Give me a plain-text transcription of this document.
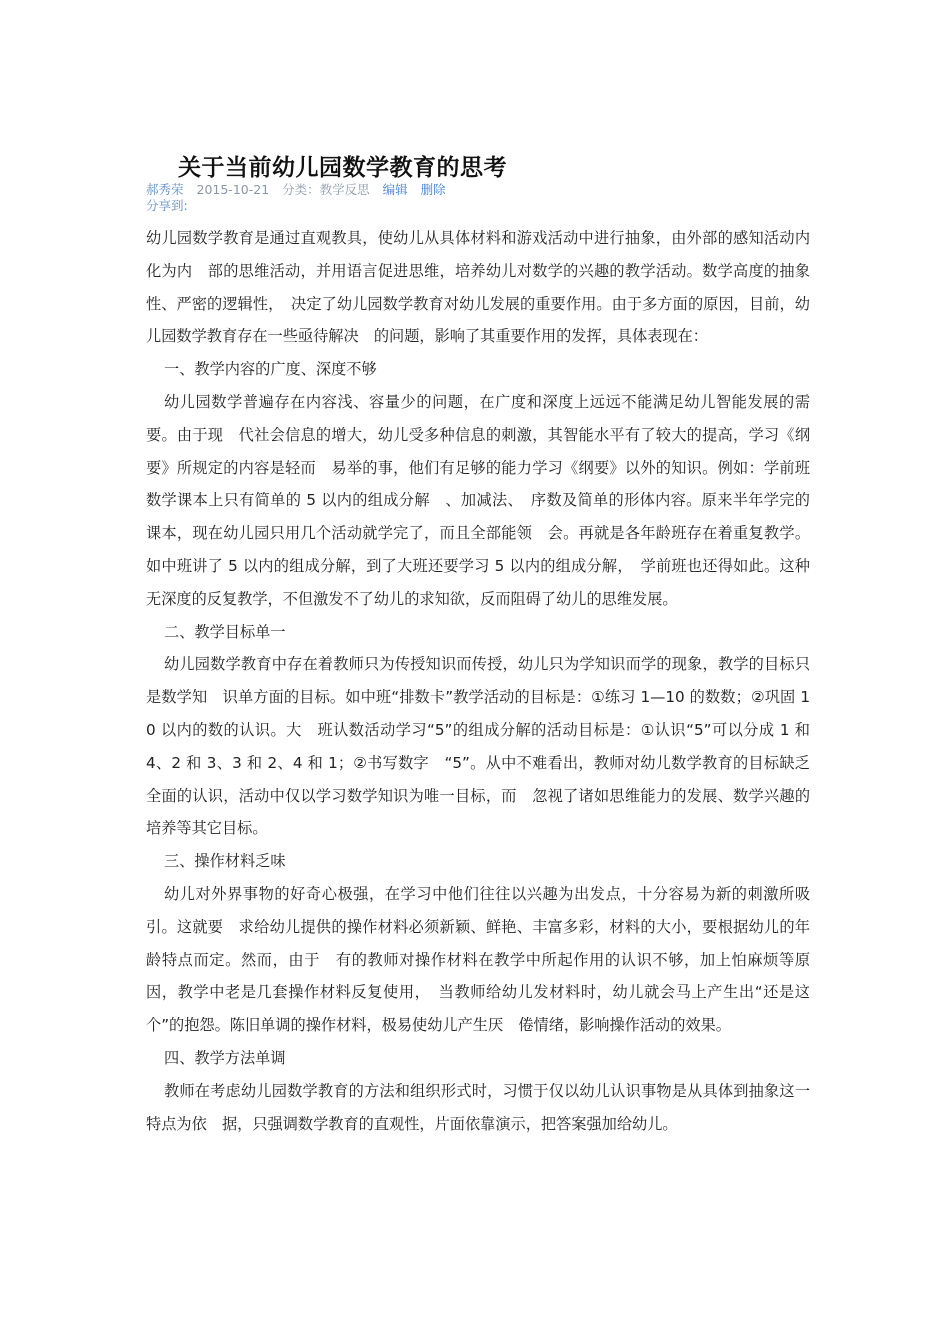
关于当前幼儿园数学教育的思考
郝秀荣 2015-10-21 分类：教学反思 编辑 删除
分享到:

幼儿园数学教育是通过直观教具，使幼儿从具体材料和游戏活动中进行抽象，由外部的感知活动内化为内　部的思维活动，并用语言促进思维，培养幼儿对数学的兴趣的教学活动。数学高度的抽象性、严密的逻辑性，　决定了幼儿园数学教育对幼儿发展的重要作用。由于多方面的原因，目前，幼儿园数学教育存在一些亟待解决　的问题，影响了其重要作用的发挥，具体表现在：

一、教学内容的广度、深度不够

幼儿园数学普遍存在内容浅、容量少的问题，在广度和深度上远远不能满足幼儿智能发展的需要。由于现　代社会信息的增大，幼儿受多种信息的刺激，其智能水平有了较大的提高，学习《纲要》所规定的内容是轻而　易举的事，他们有足够的能力学习《纲要》以外的知识。例如：学前班数学课本上只有简单的 5 以内的组成分解　、加减法、　序数及简单的形体内容。原来半年学完的课本，现在幼儿园只用几个活动就学完了，而且全部能领　会。再就是各年龄班存在着重复教学。如中班讲了 5 以内的组成分解，到了大班还要学习 5 以内的组成分解，　学前班也还得如此。这种无深度的反复教学，不但激发不了幼儿的求知欲，反而阻碍了幼儿的思维发展。

二、教学目标单一

幼儿园数学教育中存在着教师只为传授知识而传授，幼儿只为学知识而学的现象，教学的目标只是数学知　识单方面的目标。如中班“排数卡”教学活动的目标是：①练习 1—10 的数数；②巩固 10 以内的数的认识。大　班认数活动学习“5”的组成分解的活动目标是：①认识“5”可以分成 1 和 4、2 和 3、3 和 2、4 和 1；②书写数字　“5”。从中不难看出，教师对幼儿数学教育的目标缺乏全面的认识，活动中仅以学习数学知识为唯一目标，而　忽视了诸如思维能力的发展、数学兴趣的培养等其它目标。

三、操作材料乏味

幼儿对外界事物的好奇心极强，在学习中他们往往以兴趣为出发点，十分容易为新的刺激所吸引。这就要　求给幼儿提供的操作材料必须新颖、鲜艳、丰富多彩，材料的大小，要根据幼儿的年龄特点而定。然而，由于　有的教师对操作材料在教学中所起作用的认识不够，加上怕麻烦等原因，教学中老是几套操作材料反复使用，　当教师给幼儿发材料时，幼儿就会马上产生出“还是这个”的抱怨。陈旧单调的操作材料，极易使幼儿产生厌　倦情绪，影响操作活动的效果。

四、教学方法单调

教师在考虑幼儿园数学教育的方法和组织形式时，习惯于仅以幼儿认识事物是从具体到抽象这一特点为依　据，只强调数学教育的直观性，片面依靠演示，把答案强加给幼儿。
